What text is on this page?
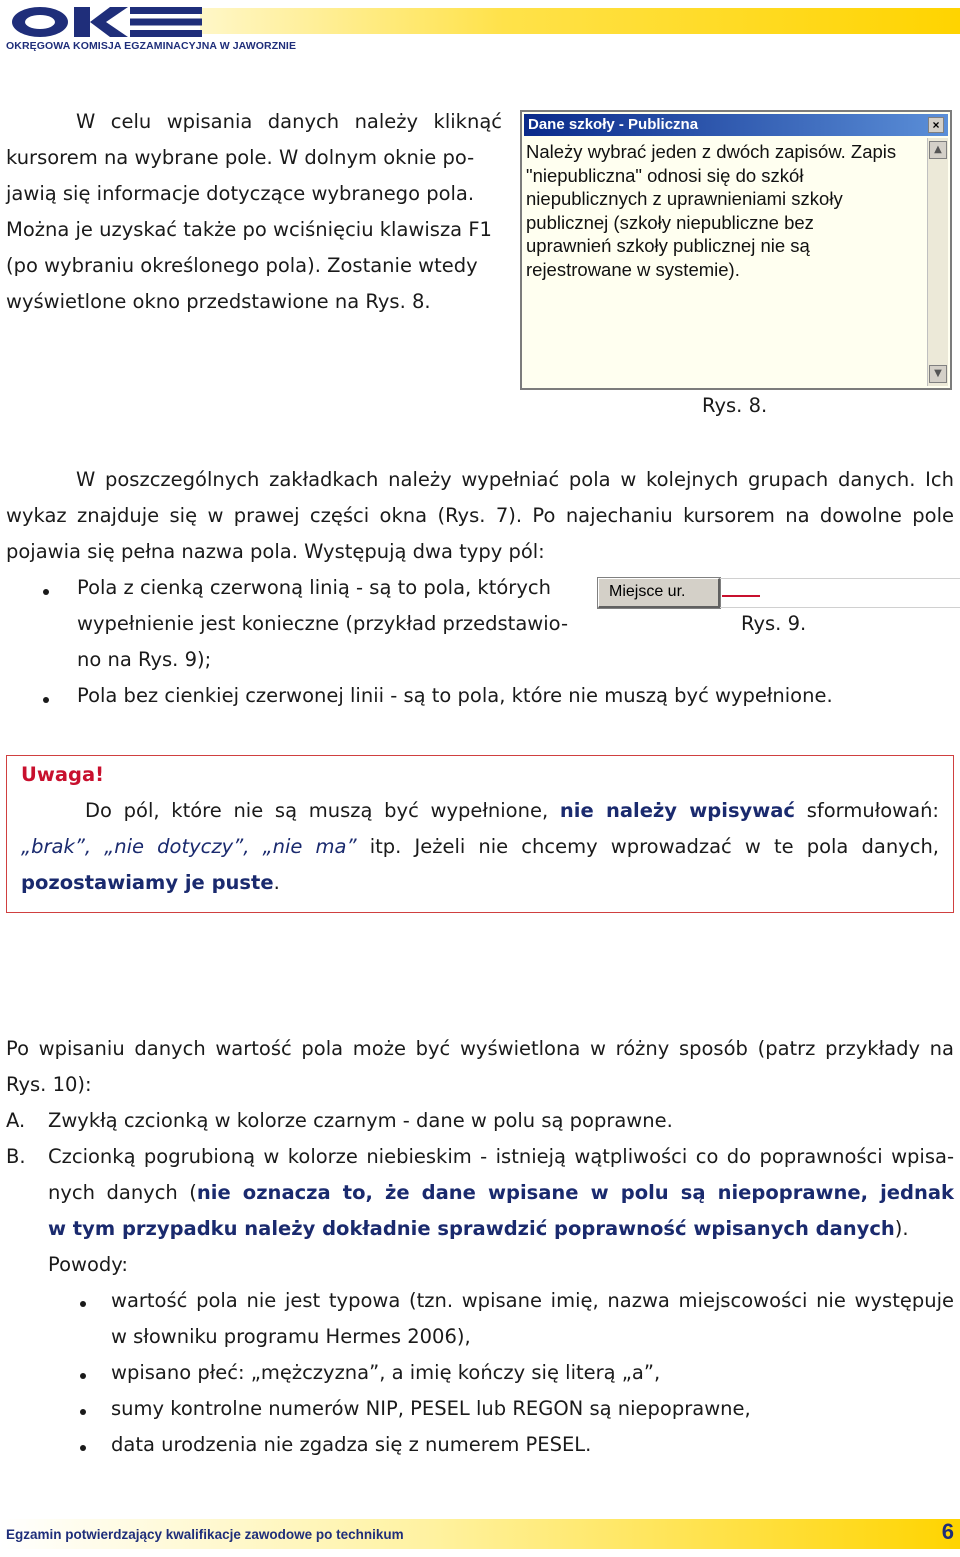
OKRĘGOWA KOMISJA EGZAMINACYJNA W JAWORZNIE
W celu wpisania danych należy kliknąć
kursorem na wybrane pole. W dolnym oknie po-
jawią się informacje dotyczące wybranego pola.
Można je uzyskać także po wciśnięciu klawisza F1
(po wybraniu określonego pola). Zostanie wtedy
wyświetlone okno przedstawione na Rys. 8.
Dane szkoły - Publiczna	×
Należy wybrać jeden z dwóch zapisów. Zapis
"niepubliczna" odnosi się do szkół
niepublicznych z uprawnieniami szkoły
publicznej (szkoły niepubliczne bez
uprawnień szkoły publicznej nie są
rejestrowane w systemie).
▲
▼
Rys. 8.
W poszczególnych zakładkach należy wypełniać pola w kolejnych grupach danych. Ich
wykaz znajduje się w prawej części okna (Rys. 7). Po najechaniu kursorem na dowolne pole
pojawia się pełna nazwa pola. Występują dwa typy pól:
Pola z cienką czerwoną linią - są to pola, których
wypełnienie jest konieczne (przykład przedstawio-
no na Rys. 9);
Miejsce ur.
Rys. 9.
Pola bez cienkiej czerwonej linii - są to pola, które nie muszą być wypełnione.
Uwaga!
Do pól, które nie są muszą być wypełnione, nie należy wpisywać sformułowań:
„brak”, „nie dotyczy”, „nie ma” itp. Jeżeli nie chcemy wprowadzać w te pola danych,
pozostawiamy je puste.
Po wpisaniu danych wartość pola może być wyświetlona w różny sposób (patrz przykłady na
Rys. 10):
A. Zwykłą czcionką w kolorze czarnym - dane w polu są poprawne.
B. Czcionką pogrubioną w kolorze niebieskim - istnieją wątpliwości co do poprawności wpisa-
nych danych (nie oznacza to, że dane wpisane w polu są niepoprawne, jednak
w tym przypadku należy dokładnie sprawdzić poprawność wpisanych danych).
Powody:
wartość pola nie jest typowa (tzn. wpisane imię, nazwa miejscowości nie występuje
w słowniku programu Hermes 2006),
wpisano płeć: „mężczyzna”, a imię kończy się literą „a”,
sumy kontrolne numerów NIP, PESEL lub REGON są niepoprawne,
data urodzenia nie zgadza się z numerem PESEL.
Egzamin potwierdzający kwalifikacje zawodowe po technikum	6
